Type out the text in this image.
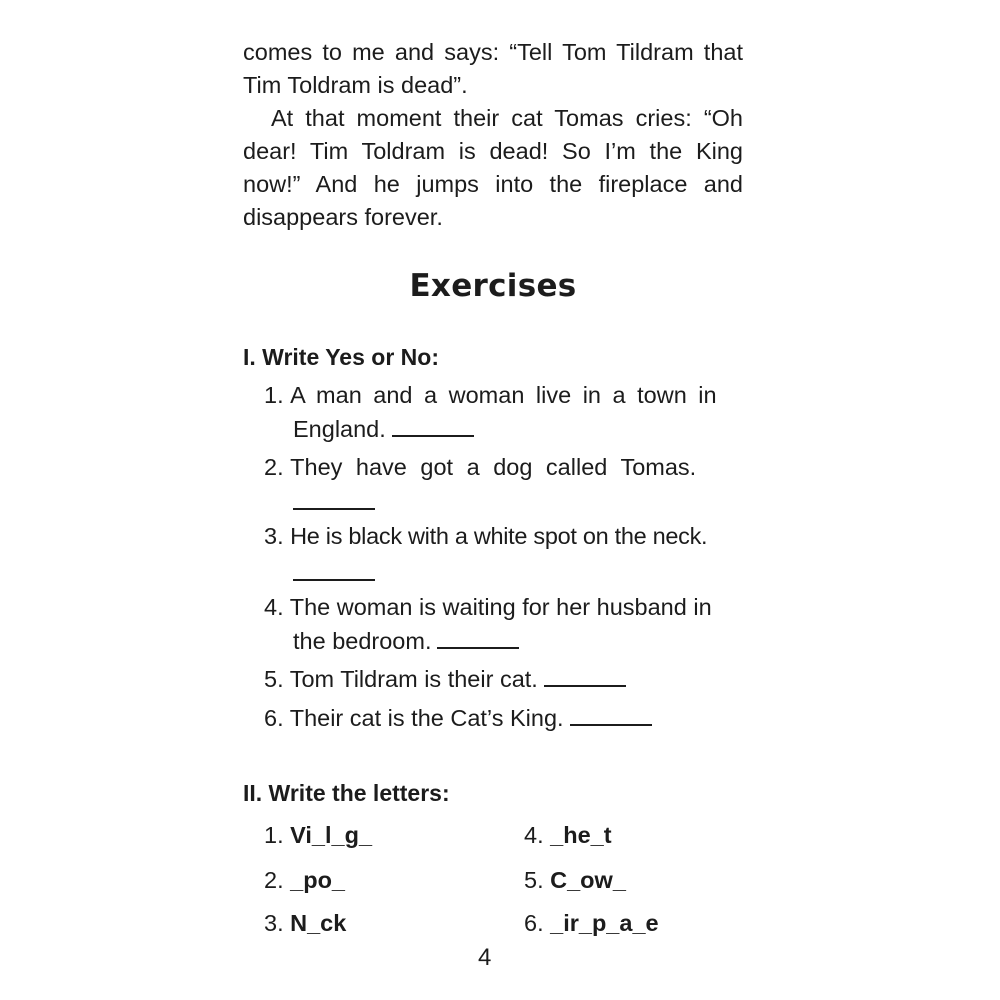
comes to me and says: “Tell Tom Tildram that Tim Toldram is dead”.

At that moment their cat Tomas cries: “Oh dear! Tim Toldram is dead! So I’m the King now!” And he jumps into the fireplace and disappears forever.

Exercises
I. Write Yes or No:
1. A man and a woman live in a town in
England.
2. They have got a dog called Tomas.
3. He is black with a white spot on the neck.
4. The woman is waiting for her husband in
the bedroom.
5. Tom Tildram is their cat.
6. Their cat is the Cat’s King.
II. Write the letters:
1. Vi_l_g_
2. _po_
3. N_ck
4. _he_t
5. C_ow_
6. _ir_p_a_e
4
